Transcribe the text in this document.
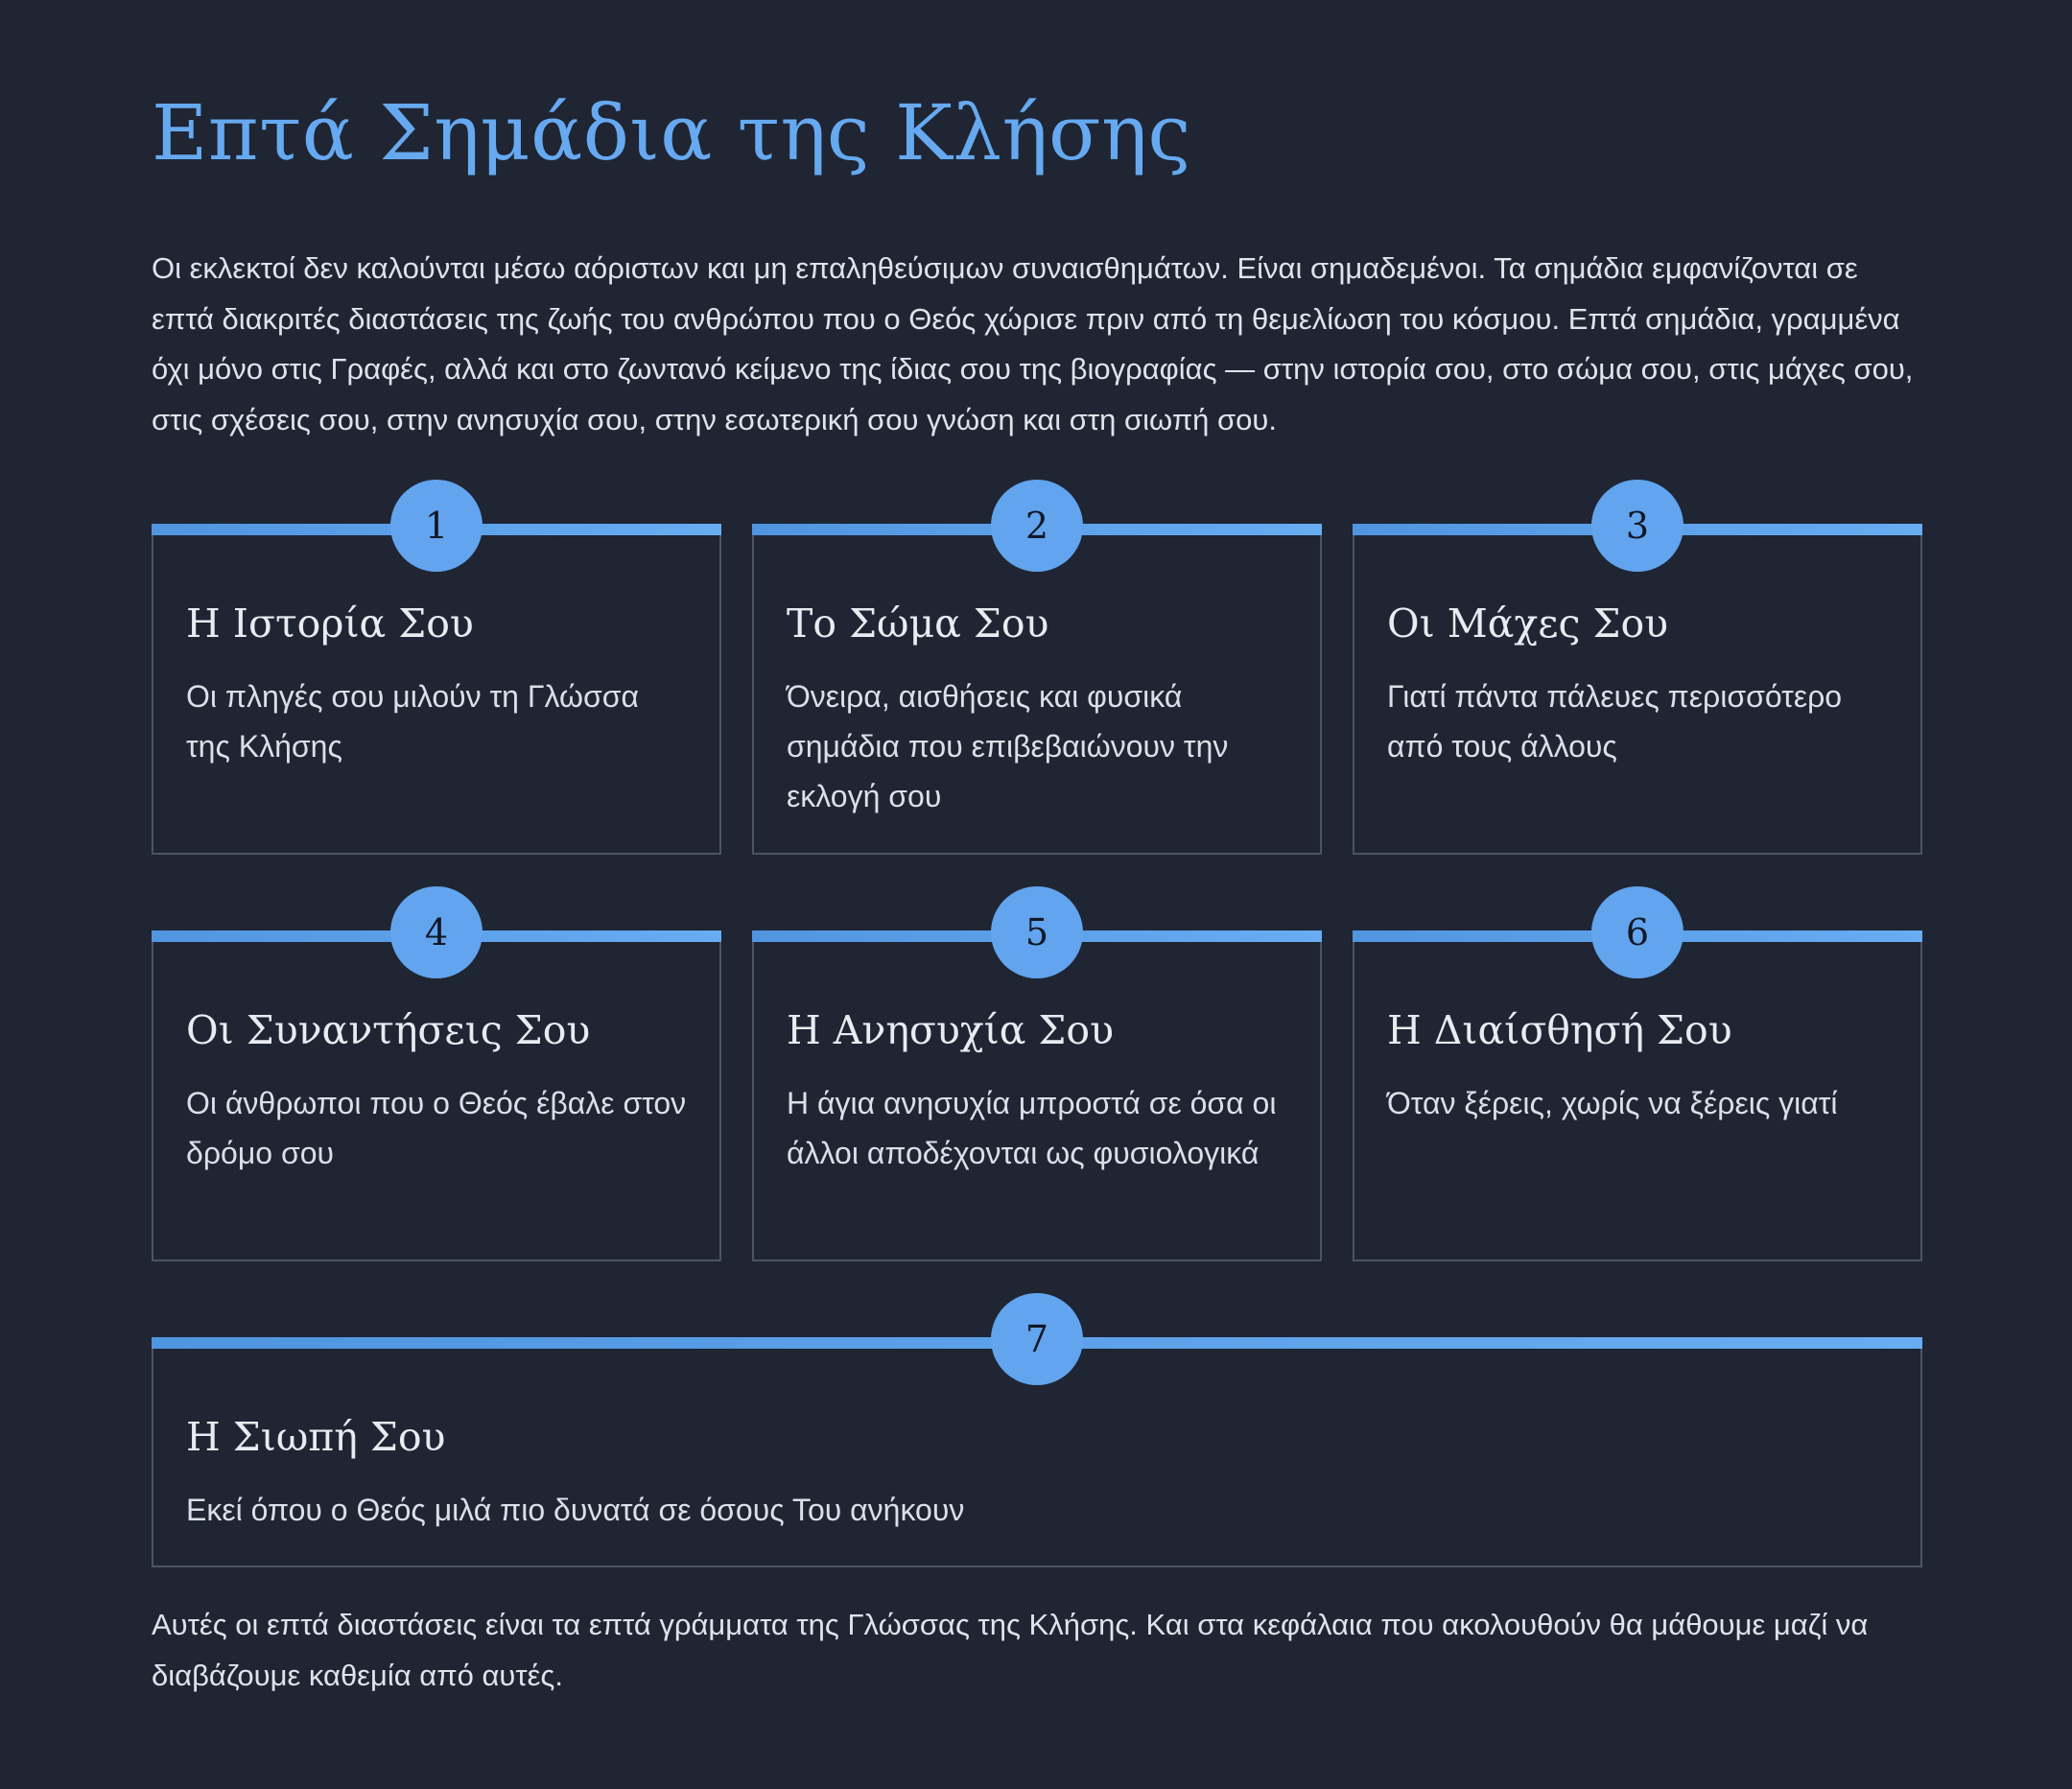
Επτά Σημάδια της Κλήσης

Οι εκλεκτοί δεν καλούνται μέσω αόριστων και μη επαληθεύσιμων συναισθημάτων. Είναι σημαδεμένοι. Τα σημάδια εμφανίζονται σε επτά διακριτές διαστάσεις της ζωής του ανθρώπου που ο Θεός χώρισε πριν από τη θεμελίωση του κόσμου. Επτά σημάδια, γραμμένα όχι μόνο στις Γραφές, αλλά και στο ζωντανό κείμενο της ίδιας σου της βιογραφίας — στην ιστορία σου, στο σώμα σου, στις μάχες σου, στις σχέσεις σου, στην ανησυχία σου, στην εσωτερική σου γνώση και στη σιωπή σου.

1
Η Ιστορία Σου
Οι πληγές σου μιλούν τη Γλώσσα της Κλήσης
2
Το Σώμα Σου
Όνειρα, αισθήσεις και φυσικά σημάδια που επιβεβαιώνουν την εκλογή σου
3
Οι Μάχες Σου
Γιατί πάντα πάλευες περισσότερο από τους άλλους
4
Οι Συναντήσεις Σου
Οι άνθρωποι που ο Θεός έβαλε στον δρόμο σου
5
Η Ανησυχία Σου
Η άγια ανησυχία μπροστά σε όσα οι άλλοι αποδέχονται ως φυσιολογικά
6
Η Διαίσθησή Σου
Όταν ξέρεις, χωρίς να ξέρεις γιατί
7
Η Σιωπή Σου
Εκεί όπου ο Θεός μιλά πιο δυνατά σε όσους Του ανήκουν

Αυτές οι επτά διαστάσεις είναι τα επτά γράμματα της Γλώσσας της Κλήσης. Και στα κεφάλαια που ακολουθούν θα μάθουμε μαζί να διαβάζουμε καθεμία από αυτές.
